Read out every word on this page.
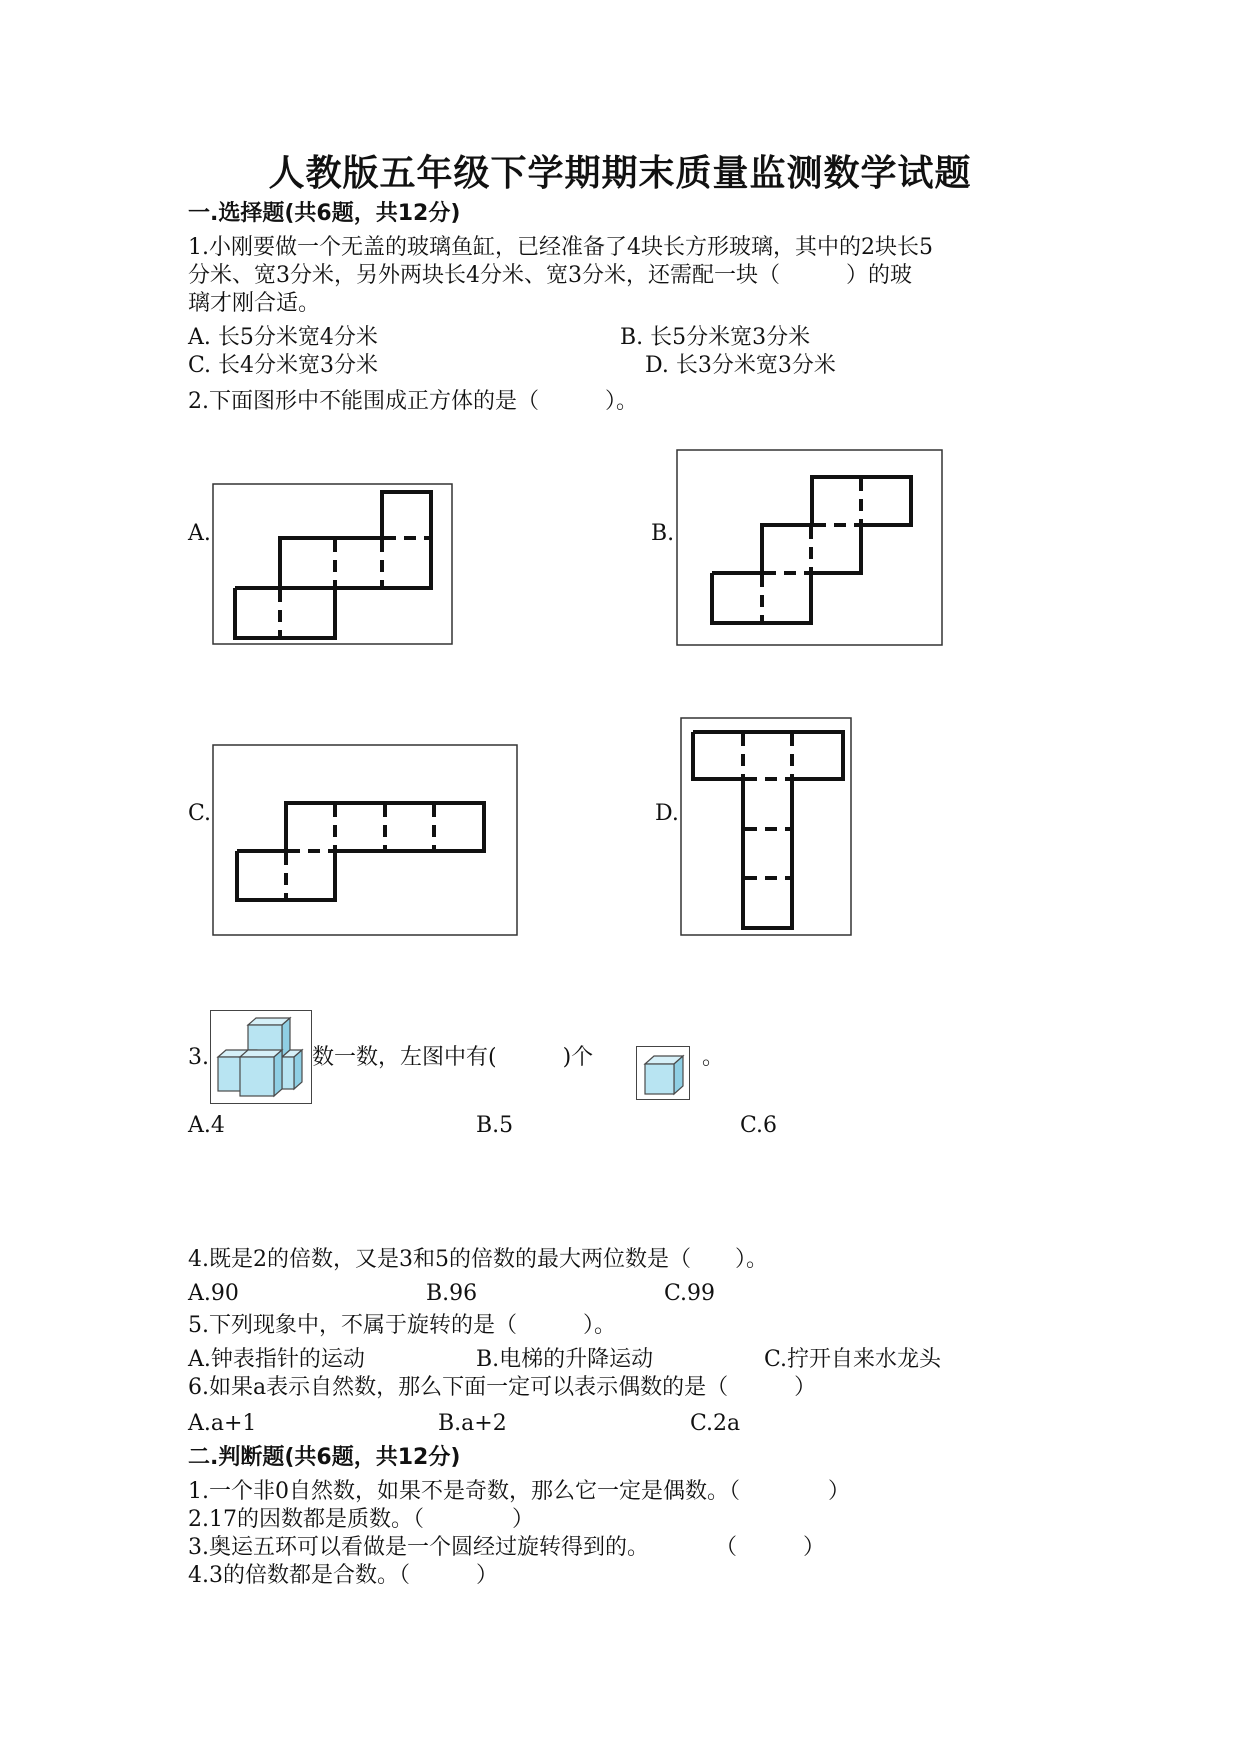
人教版五年级下学期期末质量监测数学试题
一.选择题(共6题，共12分)
1.小刚要做一个无盖的玻璃鱼缸，已经准备了4块长方形玻璃，其中的2块长5
分米、宽3分米，另外两块长4分米、宽3分米，还需配一块（　　　）的玻
璃才刚合适。
A. 长5分米宽4分米	B. 长5分米宽3分米
C. 长4分米宽3分米	D. 长3分米宽3分米
2.下面图形中不能围成正方体的是（　　　）。
A.	B.
C.	D.
3.	数一数，左图中有(　　　)个	。
A.4	B.5	C.6
4.既是2的倍数，又是3和5的倍数的最大两位数是（　　）。
A.90	B.96	C.99
5.下列现象中，不属于旋转的是（　　　）。
A.钟表指针的运动	B.电梯的升降运动	C.拧开自来水龙头
6.如果a表示自然数，那么下面一定可以表示偶数的是（　　　）
A.a+1	B.a+2	C.2a
二.判断题(共6题，共12分)
1.一个非0自然数，如果不是奇数，那么它一定是偶数。（　　　　）
2.17的因数都是质数。（　　　　）
3.奥运五环可以看做是一个圆经过旋转得到的。　　　　（　　　）
4.3的倍数都是合数。（　　　）
